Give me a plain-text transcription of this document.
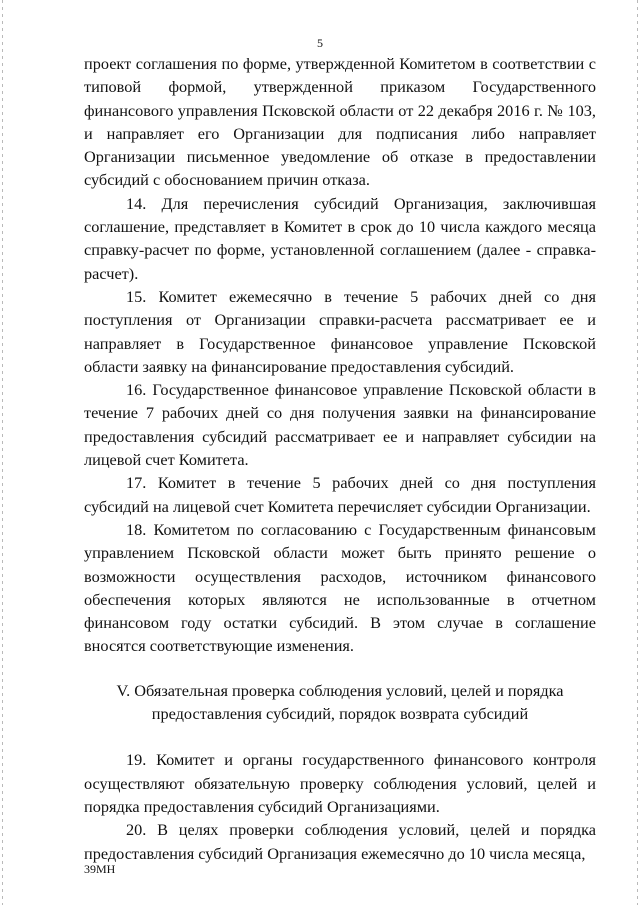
5

проект соглашения по форме, утвержденной Комитетом в соответствии с типовой формой, утвержденной приказом Государственного финансового управления Псковской области от 22 декабря 2016 г. № 103, и направляет его Организации для подписания либо направляет Организации письменное уведомление об отказе в предоставлении субсидий с обоснованием причин отказа.

14. Для перечисления субсидий Организация, заключившая соглашение, представляет в Комитет в срок до 10 числа каждого месяца справку-расчет по форме, установленной соглашением (далее - справка-расчет).

15. Комитет ежемесячно в течение 5 рабочих дней со дня поступления от Организации справки-расчета рассматривает ее и направляет в Государственное финансовое управление Псковской области заявку на финансирование предоставления субсидий.

16. Государственное финансовое управление Псковской области в течение 7 рабочих дней со дня получения заявки на финансирование предоставления субсидий рассматривает ее и направляет субсидии на лицевой счет Комитета.

17. Комитет в течение 5 рабочих дней со дня поступления субсидий на лицевой счет Комитета перечисляет субсидии Организации.

18. Комитетом по согласованию с Государственным финансовым управлением Псковской области может быть принято решение о возможности осуществления расходов, источником финансового обеспечения которых являются не использованные в отчетном финансовом году остатки субсидий. В этом случае в соглашение вносятся соответствующие изменения.

V. Обязательная проверка соблюдения условий, целей и порядка
предоставления субсидий, порядок возврата субсидий

19. Комитет и органы государственного финансового контроля осуществляют обязательную проверку соблюдения условий, целей и порядка предоставления субсидий Организациями.

20. В целях проверки соблюдения условий, целей и порядка предоставления субсидий Организация ежемесячно до 10 числа месяца,

39МН
